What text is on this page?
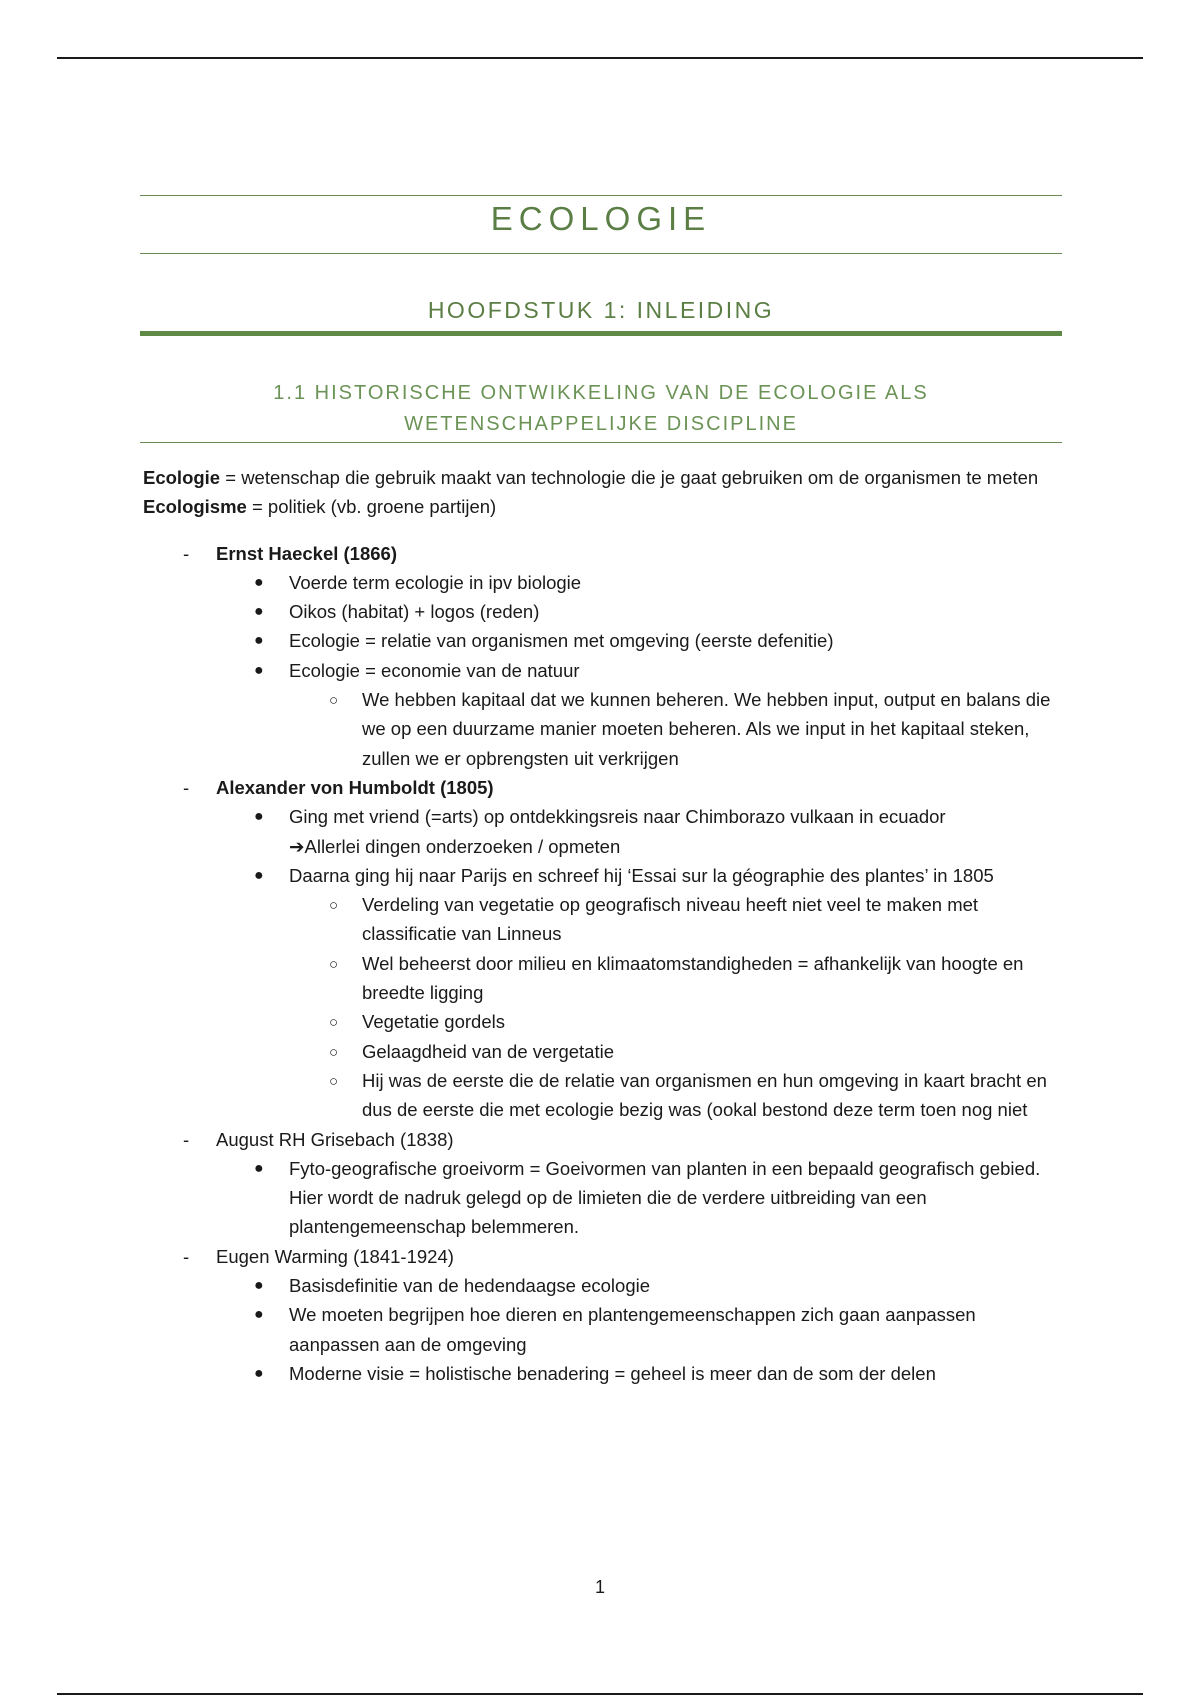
ECOLOGIE
HOOFDSTUK 1: INLEIDING
1.1 HISTORISCHE ONTWIKKELING VAN DE ECOLOGIE ALS WETENSCHAPPELIJKE DISCIPLINE

Ecologie = wetenschap die gebruik maakt van technologie die je gaat gebruiken om de organismen te meten

Ecologisme = politiek (vb. groene partijen)

- Ernst Haeckel (1866)
● Voerde term ecologie in ipv biologie
● Oikos (habitat) + logos (reden)
● Ecologie = relatie van organismen met omgeving (eerste defenitie)
● Ecologie = economie van de natuur
○ We hebben kapitaal dat we kunnen beheren. We hebben input, output en balans die we op een duurzame manier moeten beheren. Als we input in het kapitaal steken, zullen we er opbrengsten uit verkrijgen
- Alexander von Humboldt (1805)
● Ging met vriend (=arts) op ontdekkingsreis naar Chimborazo vulkaan in ecuador
➔Allerlei dingen onderzoeken / opmeten
● Daarna ging hij naar Parijs en schreef hij ‘Essai sur la géographie des plantes’ in 1805
○ Verdeling van vegetatie op geografisch niveau heeft niet veel te maken met classificatie van Linneus
○ Wel beheerst door milieu en klimaatomstandigheden = afhankelijk van hoogte en breedte ligging
○ Vegetatie gordels
○ Gelaagdheid van de vergetatie
○ Hij was de eerste die de relatie van organismen en hun omgeving in kaart bracht en dus de eerste die met ecologie bezig was (ookal bestond deze term toen nog niet
- August RH Grisebach (1838)
● Fyto-geografische groeivorm = Goeivormen van planten in een bepaald geografisch gebied. Hier wordt de nadruk gelegd op de limieten die de verdere uitbreiding van een plantengemeenschap belemmeren.
- Eugen Warming (1841-1924)
● Basisdefinitie van de hedendaagse ecologie
● We moeten begrijpen hoe dieren en plantengemeenschappen zich gaan aanpassen aanpassen aan de omgeving
● Moderne visie = holistische benadering = geheel is meer dan de som der delen
1
